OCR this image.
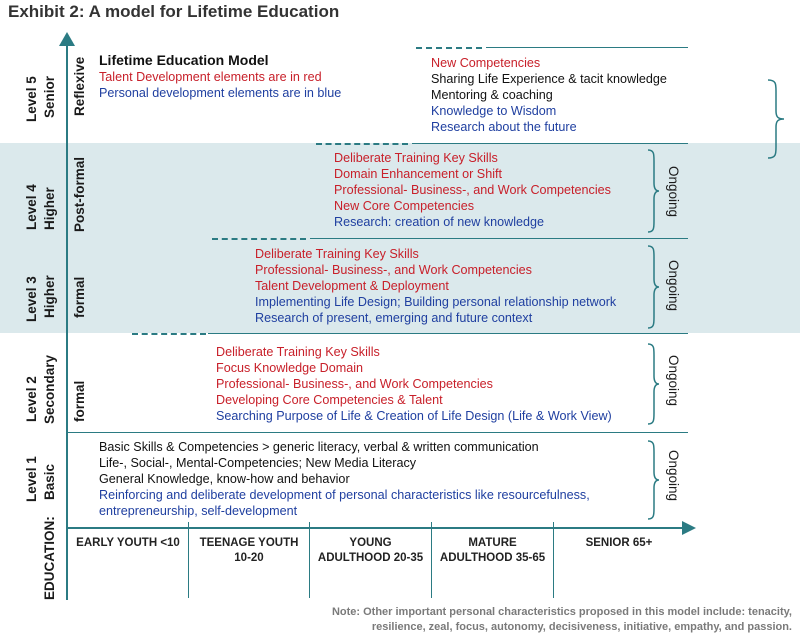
Exhibit 2: A model for Lifetime Education
Level 5 Senior Reflexive
Level 4 Higher Post-formal
Level 3 Higher formal
Level 2 Secondary formal
Level 1 Basic
EDUCATION:
Lifetime Education Model
Talent Development elements are in red
Personal development elements are in blue
New Competencies
Sharing Life Experience & tacit knowledge
Mentoring & coaching
Knowledge to Wisdom
Research about the future
Deliberate Training Key Skills
Domain Enhancement or Shift
Professional- Business-, and Work Competencies
New Core Competencies
Research: creation of new knowledge
Deliberate Training Key Skills
Professional- Business-, and Work Competencies
Talent Development & Deployment
Implementing Life Design; Building personal relationship network
Research of present, emerging and future context
Deliberate Training Key Skills
Focus Knowledge Domain
Professional- Business-, and Work Competencies
Developing Core Competencies & Talent
Searching Purpose of Life & Creation of Life Design (Life & Work View)
Basic Skills & Competencies > generic literacy, verbal & written communication
Life-, Social-, Mental-Competencies; New Media Literacy
General Knowledge, know-how and behavior
Reinforcing and deliberate development of personal characteristics like resourcefulness,
entrepreneurship, self-development
Ongoing
Ongoing
Ongoing
Ongoing
EARLY YOUTH <10	TEENAGE YOUTH
10-20
YOUNG
ADULTHOOD 20-35
MATURE
ADULTHOOD 35-65
SENIOR 65+
Note: Other important personal characteristics proposed in this model include: tenacity,
resilience, zeal, focus, autonomy, decisiveness, initiative, empathy, and passion.
